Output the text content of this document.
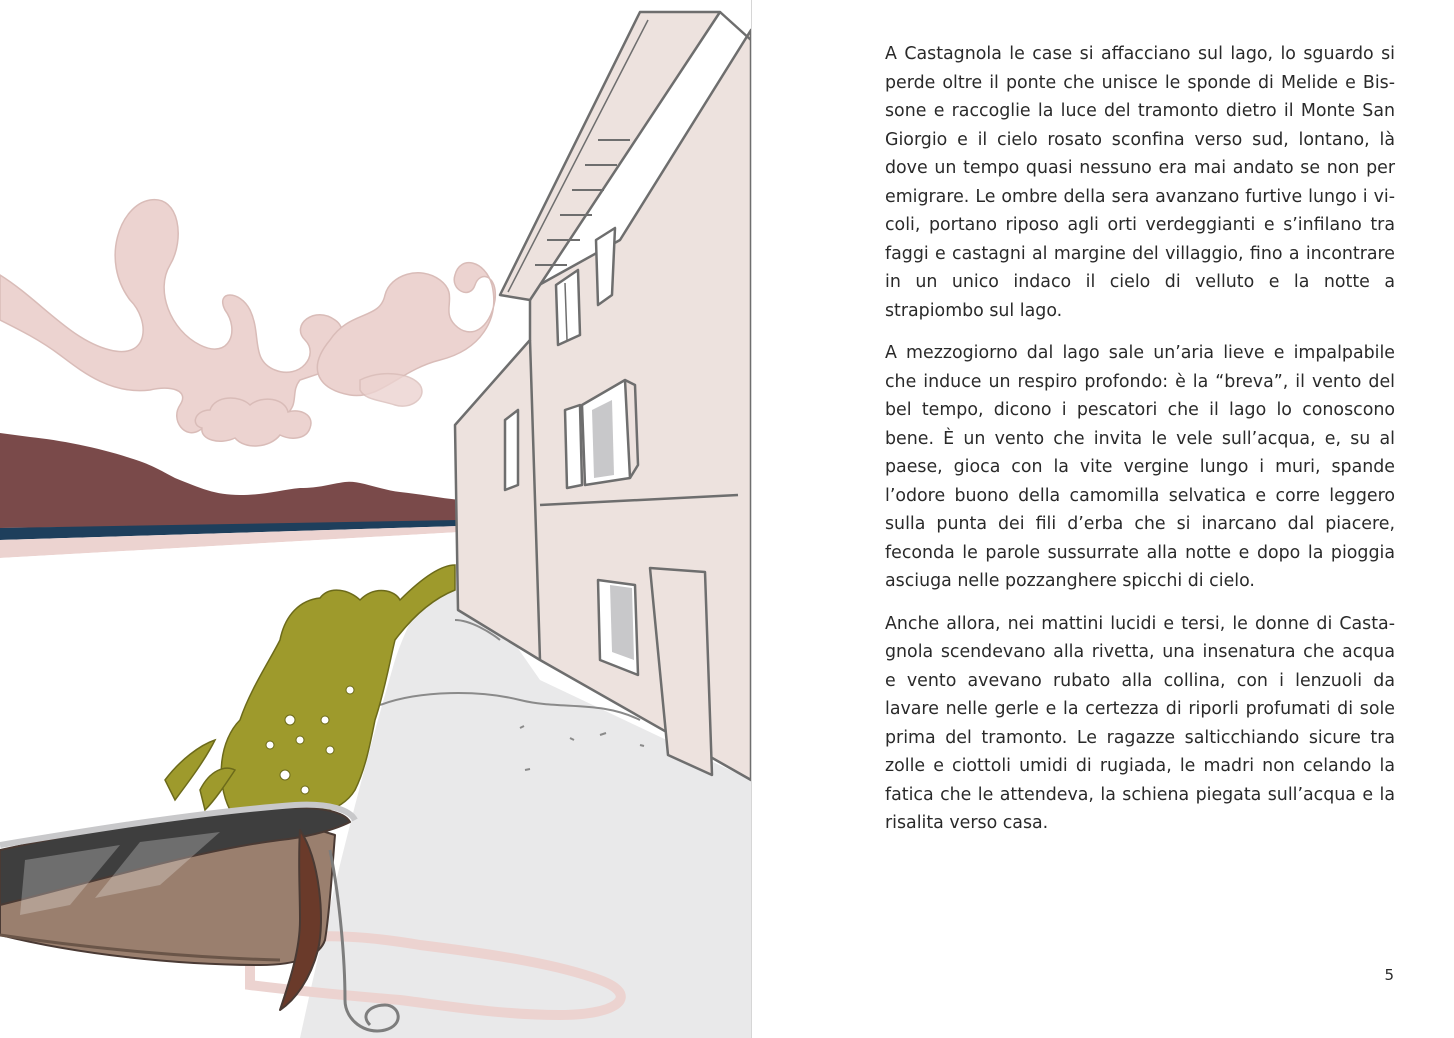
A Castagnola le case si affacciano sul lago, lo sguardo si perde oltre il ponte che unisce le sponde di Melide e Bissone e raccoglie la luce del tramonto dietro il Monte San Giorgio e il cielo rosato sconfina verso sud, lontano, là dove un tempo quasi nessuno era mai andato se non per emigrare. Le ombre della sera avanzano furtive lungo i vicoli, portano riposo agli orti verdeggianti e s’infilano tra faggi e castagni al margine del villaggio, fino a incontrare in un unico indaco il cielo di velluto e la notte a strapiombo sul lago.

A mezzogiorno dal lago sale un’aria lieve e impalpabile che induce un respiro profondo: è la “breva”, il vento del bel tempo, dicono i pescatori che il lago lo conoscono bene. È un vento che invita le vele sull’acqua, e, su al paese, gioca con la vite vergine lungo i muri, spande l’odore buono della camomilla selvatica e corre leggero sulla punta dei fili d’erba che si inarcano dal piacere, feconda le parole sussurrate alla notte e dopo la pioggia asciuga nelle pozzanghere spicchi di cielo.

Anche allora, nei mattini lucidi e tersi, le donne di Castagnola scendevano alla rivetta, una insenatura che acqua e vento avevano rubato alla collina, con i lenzuoli da lavare nelle gerle e la certezza di riporli profumati di sole prima del tramonto. Le ragazze salticchiando sicure tra zolle e ciottoli umidi di rugiada, le madri non celando la fatica che le attendeva, la schiena piegata sull’acqua e la risalita verso casa.

5
